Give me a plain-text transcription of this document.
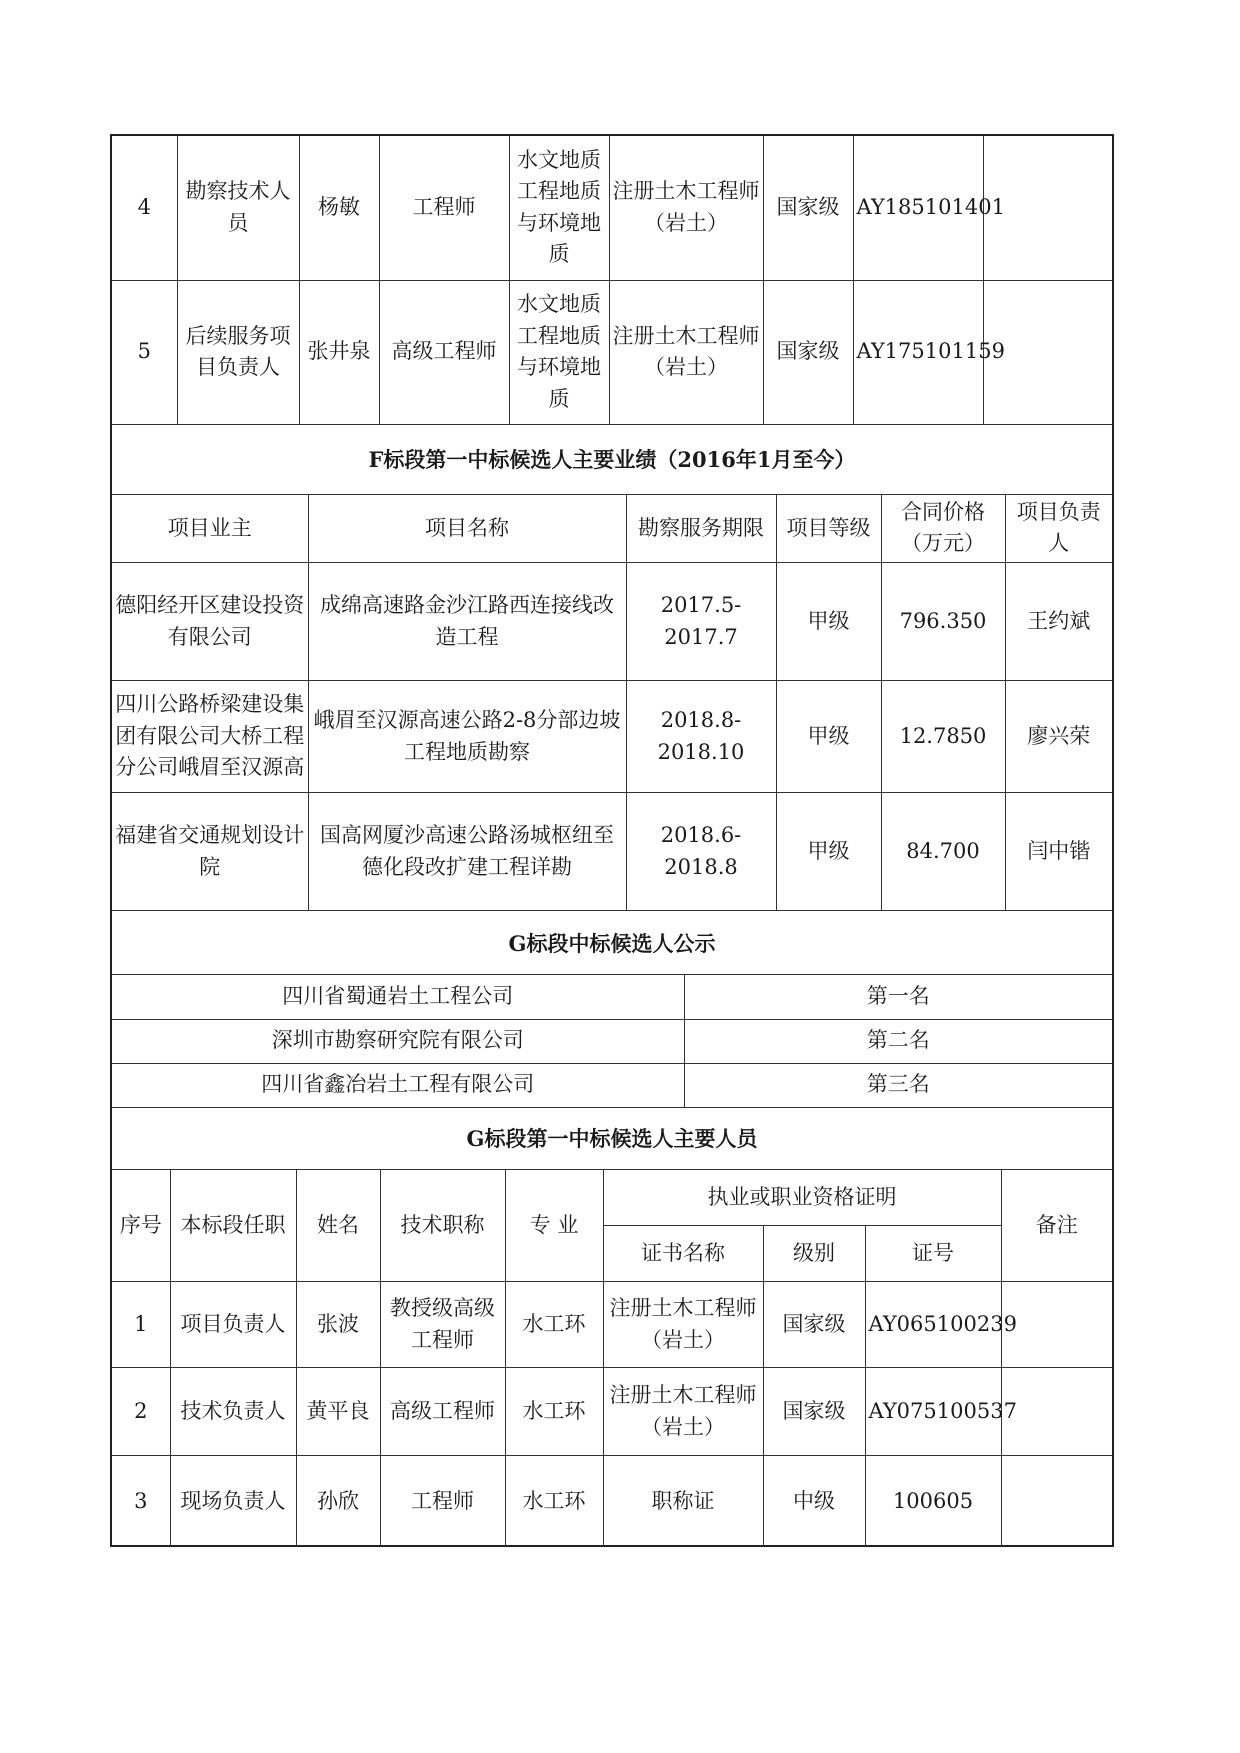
4	勘察技术人员	杨敏	工程师	水文地质工程地质与环境地质	注册土木工程师（岩土）	国家级	AY185101401	
5	后续服务项目负责人	张井泉	高级工程师	水文地质工程地质与环境地质	注册土木工程师（岩土）	国家级	AY175101159	
F标段第一中标候选人主要业绩（2016年1月至今）
项目业主	项目名称	勘察服务期限	项目等级	合同价格（万元）	项目负责人
德阳经开区建设投资有限公司	成绵高速路金沙江路西连接线改造工程	2017.5-2017.7	甲级	796.350	王约斌
四川公路桥梁建设集团有限公司大桥工程分公司峨眉至汉源高	峨眉至汉源高速公路2-8分部边坡工程地质勘察	2018.8-2018.10	甲级	12.7850	廖兴荣
福建省交通规划设计院	国高网厦沙高速公路汤城枢纽至德化段改扩建工程详勘	2018.6-2018.8	甲级	84.700	闫中锴
G标段中标候选人公示
四川省蜀通岩土工程公司	第一名
深圳市勘察研究院有限公司	第二名
四川省鑫冶岩土工程有限公司	第三名
G标段第一中标候选人主要人员
序号	本标段任职	姓名	技术职称	专 业	执业或职业资格证明			备注
					证书名称	级别	证号	
1	项目负责人	张波	教授级高级工程师	水工环	注册土木工程师（岩土）	国家级	AY065100239	
2	技术负责人	黄平良	高级工程师	水工环	注册土木工程师（岩土）	国家级	AY075100537	
3	现场负责人	孙欣	工程师	水工环	职称证	中级	100605	
